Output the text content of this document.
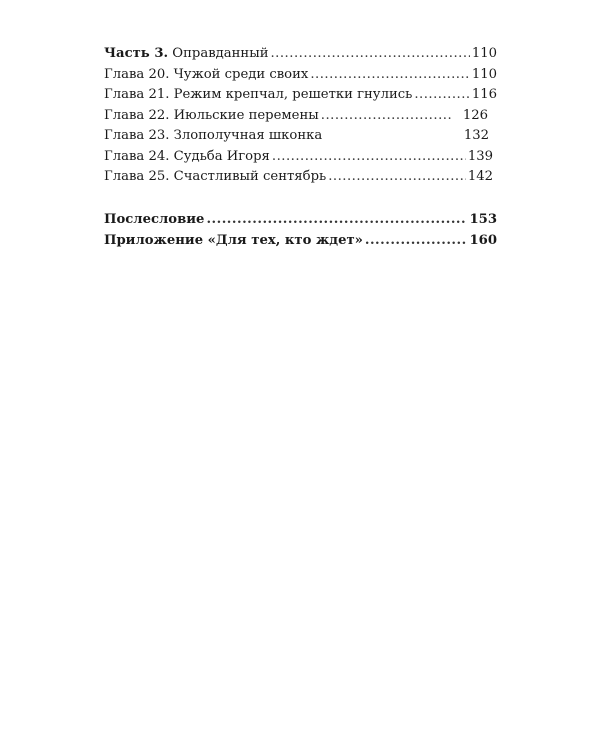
Часть 3. Оправданный .....	110
Глава 20. Чужой среди своих .....	110
Глава 21. Режим крепчал, решетки гнулись .....	116
Глава 22. Июльские перемены .....	126
Глава 23. Злополучная шконка	132
Глава 24. Судьба Игоря .....	139
Глава 25. Счастливый сентябрь .....	142
Послесловие .....	153
Приложение «Для тех, кто ждет» .....	160
